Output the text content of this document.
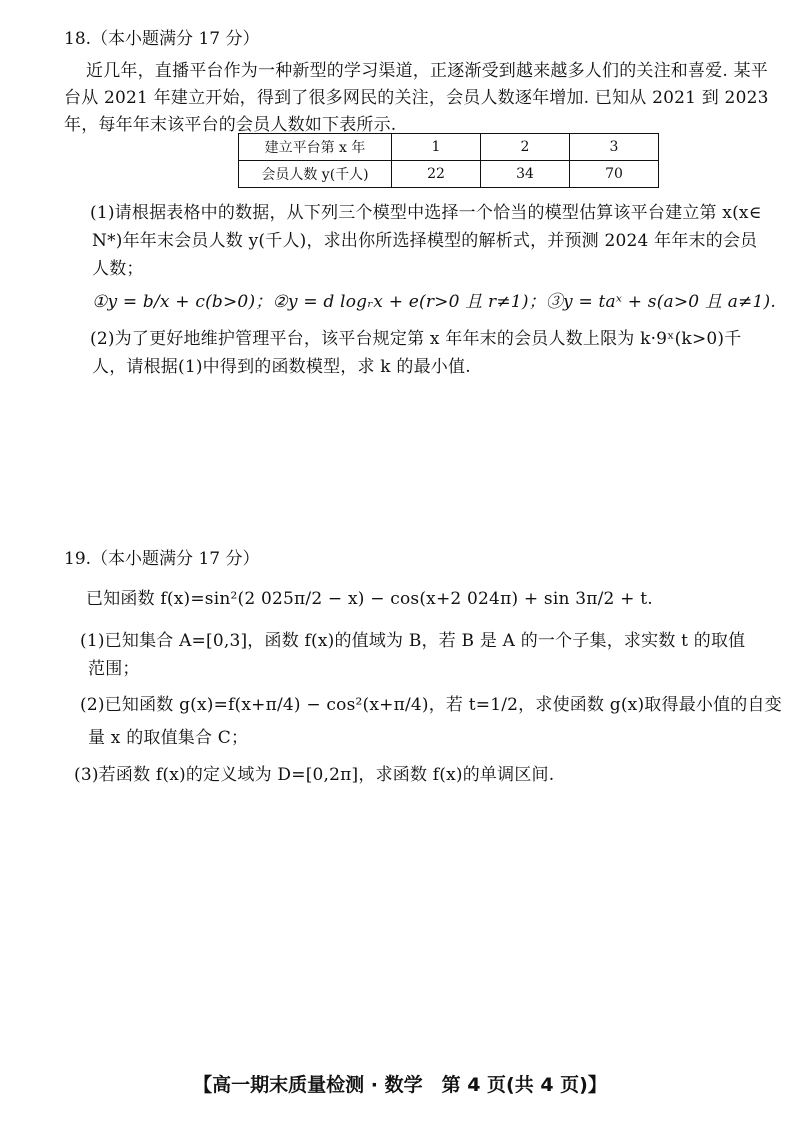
18.（本小题满分 17 分）
近几年，直播平台作为一种新型的学习渠道，正逐渐受到越来越多人们的关注和喜爱. 某平
台从 2021 年建立开始，得到了很多网民的关注，会员人数逐年增加. 已知从 2021 到 2023
年，每年年末该平台的会员人数如下表所示.
建立平台第 x 年	1	2	3
会员人数 y(千人)	22	34	70
(1)请根据表格中的数据，从下列三个模型中选择一个恰当的模型估算该平台建立第 x(x∈
N*)年年末会员人数 y(千人)，求出你所选择模型的解析式，并预测 2024 年年末的会员
人数；
①y = b/x + c(b>0)；②y = d logᵣx + e(r>0 且 r≠1)；③y = taˣ + s(a>0 且 a≠1).
(2)为了更好地维护管理平台，该平台规定第 x 年年末的会员人数上限为 k·9ˣ(k>0)千
人，请根据(1)中得到的函数模型，求 k 的最小值.
19.（本小题满分 17 分）
已知函数 f(x)=sin²(2 025π/2 − x) − cos(x+2 024π) + sin 3π/2 + t.
(1)已知集合 A=[0,3]，函数 f(x)的值域为 B，若 B 是 A 的一个子集，求实数 t 的取值
范围；
(2)已知函数 g(x)=f(x+π/4) − cos²(x+π/4)，若 t=1/2，求使函数 g(x)取得最小值的自变
量 x 的取值集合 C；
(3)若函数 f(x)的定义域为 D=[0,2π]，求函数 f(x)的单调区间.
【高一期末质量检测 · 数学　第 4 页(共 4 页)】
